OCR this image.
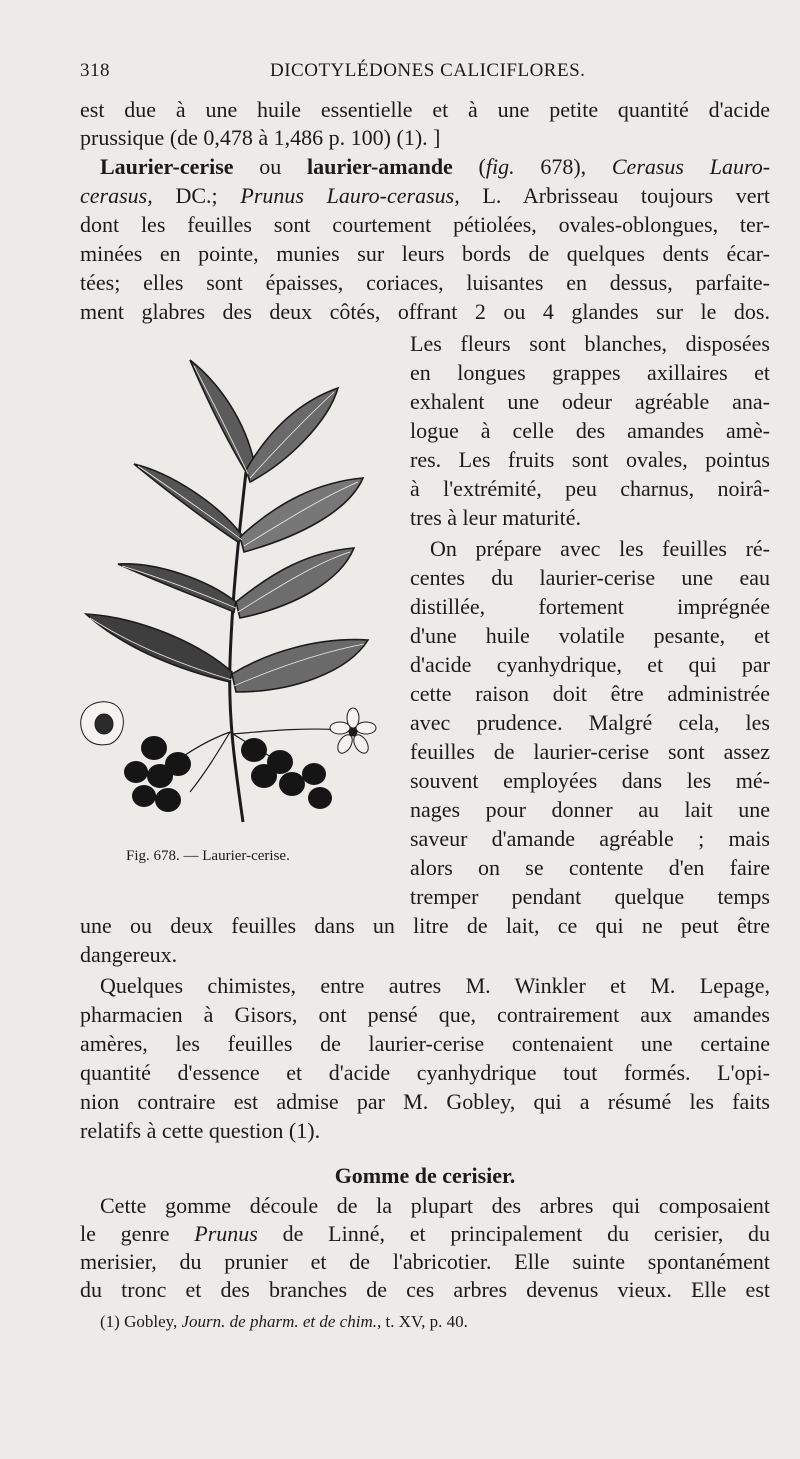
318	DICOTYLÉDONES CALICIFLORES.
est due à une huile essentielle et à une petite quantité d'acide
prussique (de 0,478 à 1,486 p. 100) (1). ]
Laurier-cerise ou laurier-amande (fig. 678), Cerasus Lauro-
cerasus, DC.; Prunus Lauro-cerasus, L. Arbrisseau toujours vert
dont les feuilles sont courtement pétiolées, ovales-oblongues, ter-
minées en pointe, munies sur leurs bords de quelques dents écar-
tées; elles sont épaisses, coriaces, luisantes en dessus, parfaite-
ment glabres des deux côtés, offrant 2 ou 4 glandes sur le dos.
Les fleurs sont blanches, disposées
en longues grappes axillaires et
exhalent une odeur agréable ana-
logue à celle des amandes amè-
res. Les fruits sont ovales, pointus
à l'extrémité, peu charnus, noirâ-
tres à leur maturité.
On prépare avec les feuilles ré-
centes du laurier-cerise une eau
distillée, fortement imprégnée
d'une huile volatile pesante, et
d'acide cyanhydrique, et qui par
cette raison doit être administrée
avec prudence. Malgré cela, les
feuilles de laurier-cerise sont assez
souvent employées dans les mé-
nages pour donner au lait une
saveur d'amande agréable ; mais
alors on se contente d'en faire
tremper pendant quelque temps
une ou deux feuilles dans un litre de lait, ce qui ne peut être
dangereux.
Fig. 678. — Laurier-cerise.
Quelques chimistes, entre autres M. Winkler et M. Lepage,
pharmacien à Gisors, ont pensé que, contrairement aux amandes
amères, les feuilles de laurier-cerise contenaient une certaine
quantité d'essence et d'acide cyanhydrique tout formés. L'opi-
nion contraire est admise par M. Gobley, qui a résumé les faits
relatifs à cette question (1).
Gomme de cerisier.
Cette gomme découle de la plupart des arbres qui composaient
le genre Prunus de Linné, et principalement du cerisier, du
merisier, du prunier et de l'abricotier. Elle suinte spontanément
du tronc et des branches de ces arbres devenus vieux. Elle est
(1) Gobley, Journ. de pharm. et de chim., t. XV, p. 40.
